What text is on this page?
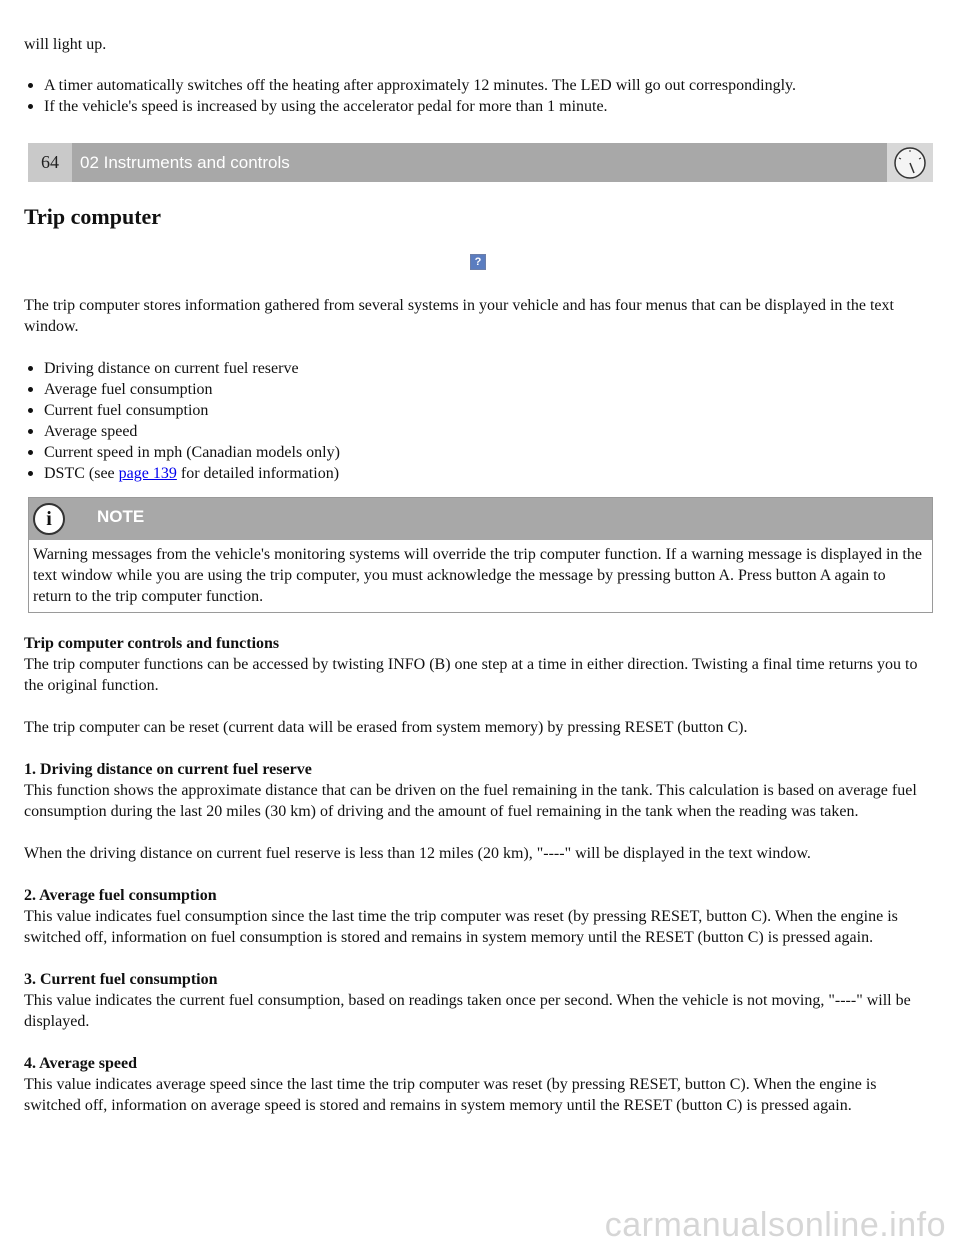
will light up.

A timer automatically switches off the heating after approximately 12 minutes. The LED will go out correspondingly.
If the vehicle's speed is increased by using the accelerator pedal for more than 1 minute.
64	02 Instruments and controls
Trip computer
?

The trip computer stores information gathered from several systems in your vehicle and has four menus that can be displayed in the text window.

Driving distance on current fuel reserve
Average fuel consumption
Current fuel consumption
Average speed
Current speed in mph (Canadian models only)
DSTC (see page 139 for detailed information)
i	NOTE

Warning messages from the vehicle's monitoring systems will override the trip computer function. If a warning message is displayed in the text window while you are using the trip computer, you must acknowledge the message by pressing button A. Press button A again to return to the trip computer function.

Trip computer controls and functions

The trip computer functions can be accessed by twisting INFO (B) one step at a time in either direction. Twisting a final time returns you to the original function.

The trip computer can be reset (current data will be erased from system memory) by pressing RESET (button C).

1. Driving distance on current fuel reserve

This function shows the approximate distance that can be driven on the fuel remaining in the tank. This calculation is based on average fuel consumption during the last 20 miles (30 km) of driving and the amount of fuel remaining in the tank when the reading was taken.

When the driving distance on current fuel reserve is less than 12 miles (20 km), "----" will be displayed in the text window.

2. Average fuel consumption

This value indicates fuel consumption since the last time the trip computer was reset (by pressing RESET, button C). When the engine is switched off, information on fuel consumption is stored and remains in system memory until the RESET (button C) is pressed again.

3. Current fuel consumption

This value indicates the current fuel consumption, based on readings taken once per second. When the vehicle is not moving, "----" will be displayed.

4. Average speed

This value indicates average speed since the last time the trip computer was reset (by pressing RESET, button C). When the engine is switched off, information on average speed is stored and remains in system memory until the RESET (button C) is pressed again.

carmanualsonline.info
